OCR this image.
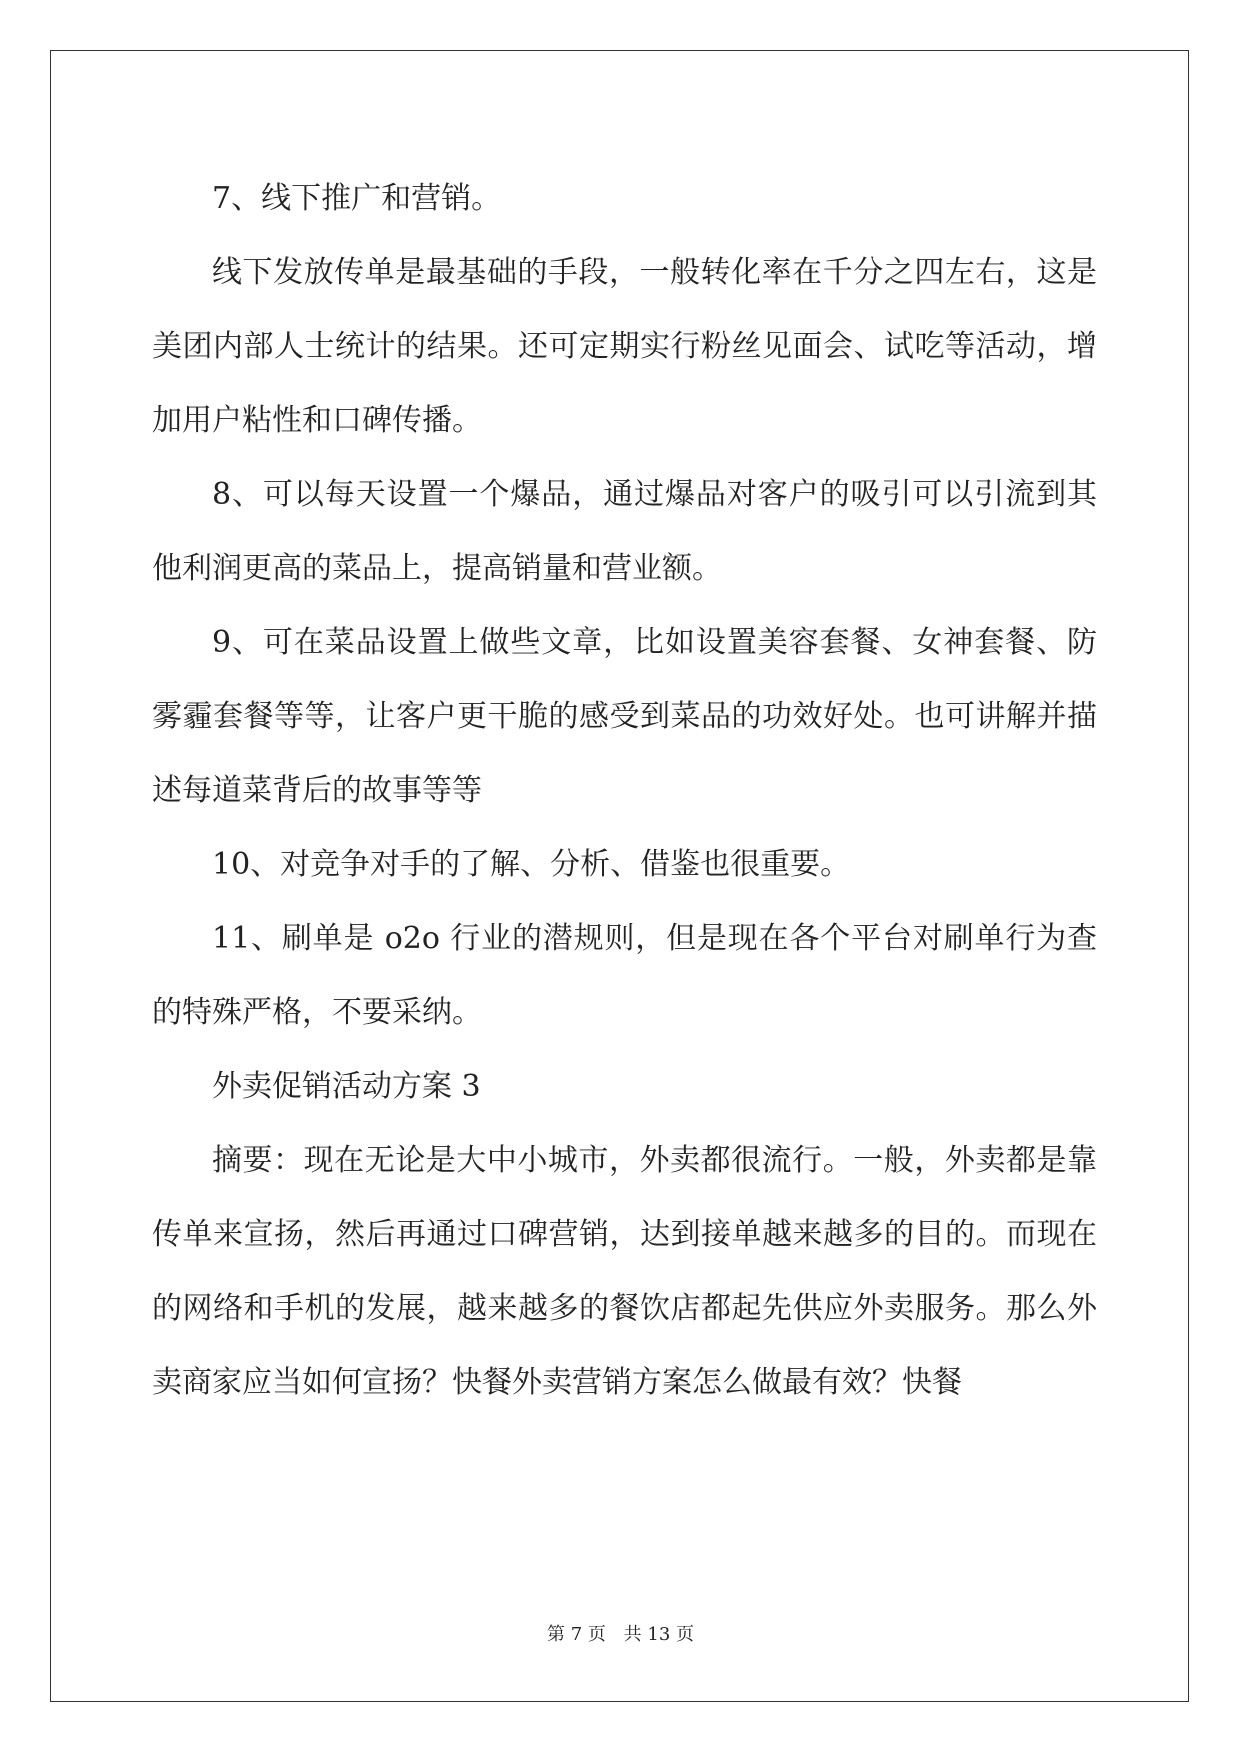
7、线下推广和营销。

线下发放传单是最基础的手段，一般转化率在千分之四左右，这是美团内部人士统计的结果。还可定期实行粉丝见面会、试吃等活动，增加用户粘性和口碑传播。

8、可以每天设置一个爆品，通过爆品对客户的吸引可以引流到其他利润更高的菜品上，提高销量和营业额。

9、可在菜品设置上做些文章，比如设置美容套餐、女神套餐、防雾霾套餐等等，让客户更干脆的感受到菜品的功效好处。也可讲解并描述每道菜背后的故事等等

10、对竞争对手的了解、分析、借鉴也很重要。

11、刷单是 o2o 行业的潜规则，但是现在各个平台对刷单行为查的特殊严格，不要采纳。

外卖促销活动方案 3

摘要：现在无论是大中小城市，外卖都很流行。一般，外卖都是靠传单来宣扬，然后再通过口碑营销，达到接单越来越多的目的。而现在的网络和手机的发展，越来越多的餐饮店都起先供应外卖服务。那么外卖商家应当如何宣扬？快餐外卖营销方案怎么做最有效？快餐

第 7 页 共 13 页
